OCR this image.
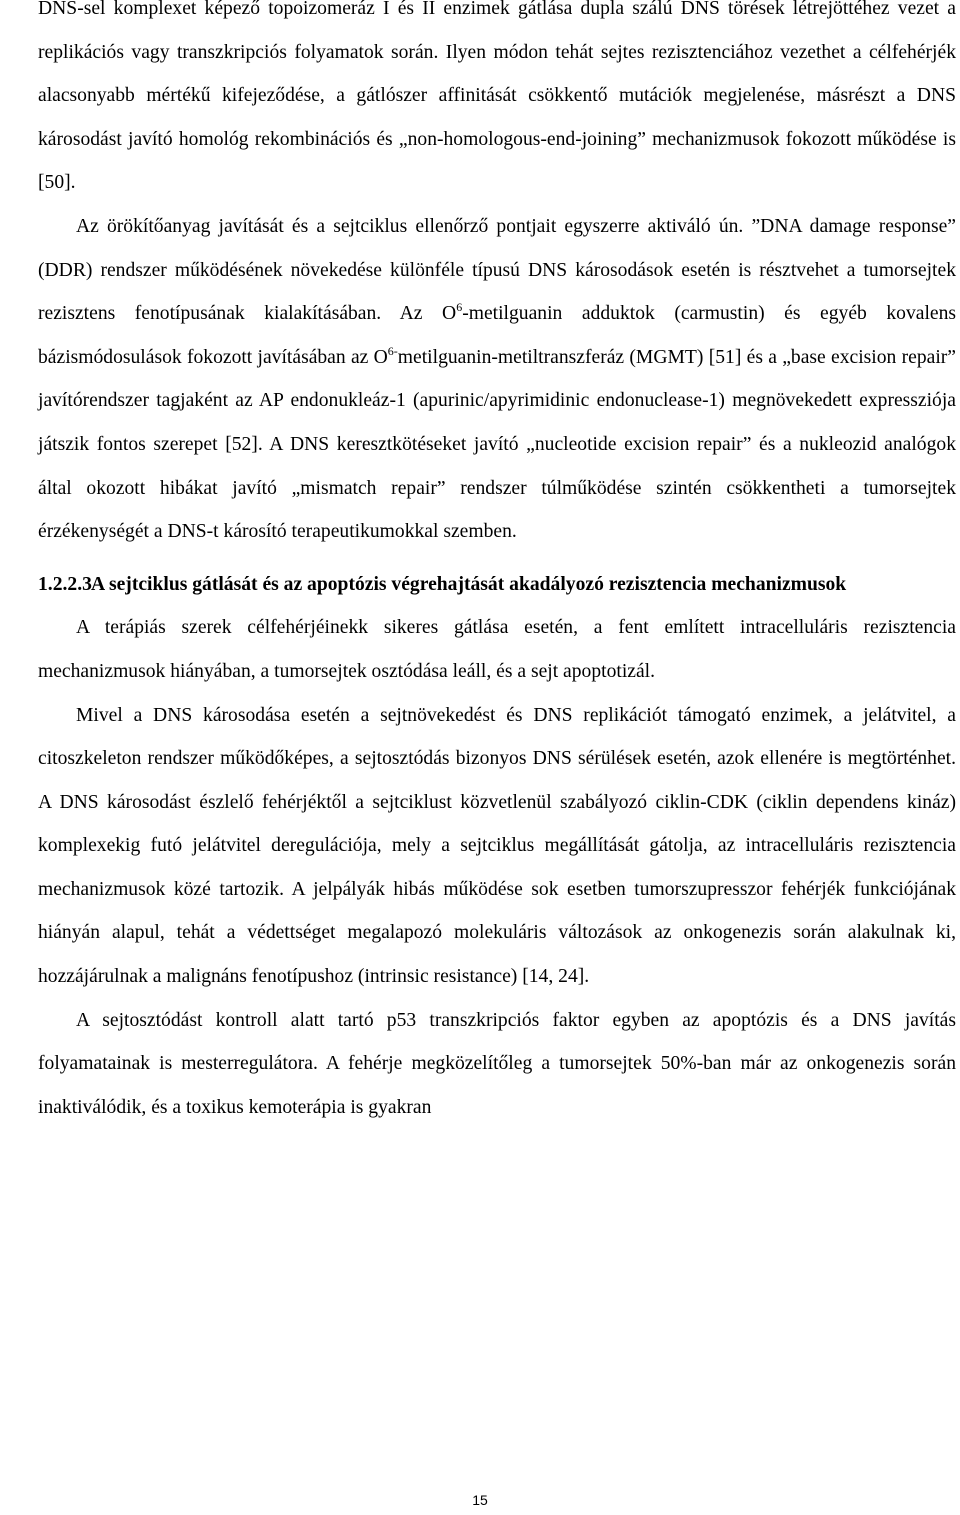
DNS-sel komplexet képező topoizomeráz I és II enzimek gátlása dupla szálú DNS törések létrejöttéhez vezet a replikációs vagy transzkripciós folyamatok során. Ilyen módon tehát sejtes rezisztenciához vezethet a célfehérjék alacsonyabb mértékű kifejeződése, a gátlószer affinitását csökkentő mutációk megjelenése, másrészt a DNS károsodást javító homológ rekombinációs és „non-homologous-end-joining” mechanizmusok fokozott működése is [50].

Az örökítőanyag javítását és a sejtciklus ellenőrző pontjait egyszerre aktiváló ún. ”DNA damage response” (DDR) rendszer működésének növekedése különféle típusú DNS károsodások esetén is résztvehet a tumorsejtek rezisztens fenotípusának kialakításában. Az $O^6$-metilguanin adduktok (carmustin) és egyéb kovalens bázismódosulások fokozott javításában az $O^{6-}metilguanin$-metiltranszferáz (MGMT) [51] és a „base excision repair” javítórendszer tagjaként az AP endonukleáz-1 (apurinic/apyrimidinic endonuclease-1) megnövekedett expressziója játszik fontos szerepet [52]. A DNS keresztkötéseket javító „nucleotide excision repair” és a nukleozid analógok által okozott hibákat javító „mismatch repair” rendszer túlműködése szintén csökkentheti a tumorsejtek érzékenységét a DNS-t károsító terapeutikumokkal szemben.

1.2.2.3 A sejtciklus gátlását és az apoptózis végrehajtását akadályozó rezisztencia mechanizmusok

A terápiás szerek célfehérjéinekk sikeres gátlása esetén, a fent említett intracelluláris rezisztencia mechanizmusok hiányában, a tumorsejtek osztódása leáll, és a sejt apoptotizál.

Mivel a DNS károsodása esetén a sejtnövekedést és DNS replikációt támogató enzimek, a jelátvitel, a citoszkeleton rendszer működőképes, a sejtosztódás bizonyos DNS sérülések esetén, azok ellenére is megtörténhet. A DNS károsodást észlelő fehérjéktől a sejtciklust közvetlenül szabályozó ciklin-CDK (ciklin dependens kináz) komplexekig futó jelátvitel deregulációja, mely a sejtciklus megállítását gátolja, az intracelluláris rezisztencia mechanizmusok közé tartozik. A jelpályák hibás működése sok esetben tumorszupresszor fehérjék funkciójának hiányán alapul, tehát a védettséget megalapozó molekuláris változások az onkogenezis során alakulnak ki, hozzájárulnak a malignáns fenotípushoz (intrinsic resistance) [14, 24].

A sejtosztódást kontroll alatt tartó p53 transzkripciós faktor egyben az apoptózis és a DNS javítás folyamatainak is mesterregulátora. A fehérje megközelítőleg a tumorsejtek 50%-ban már az onkogenezis során inaktiválódik, és a toxikus kemoterápia is gyakran

15
